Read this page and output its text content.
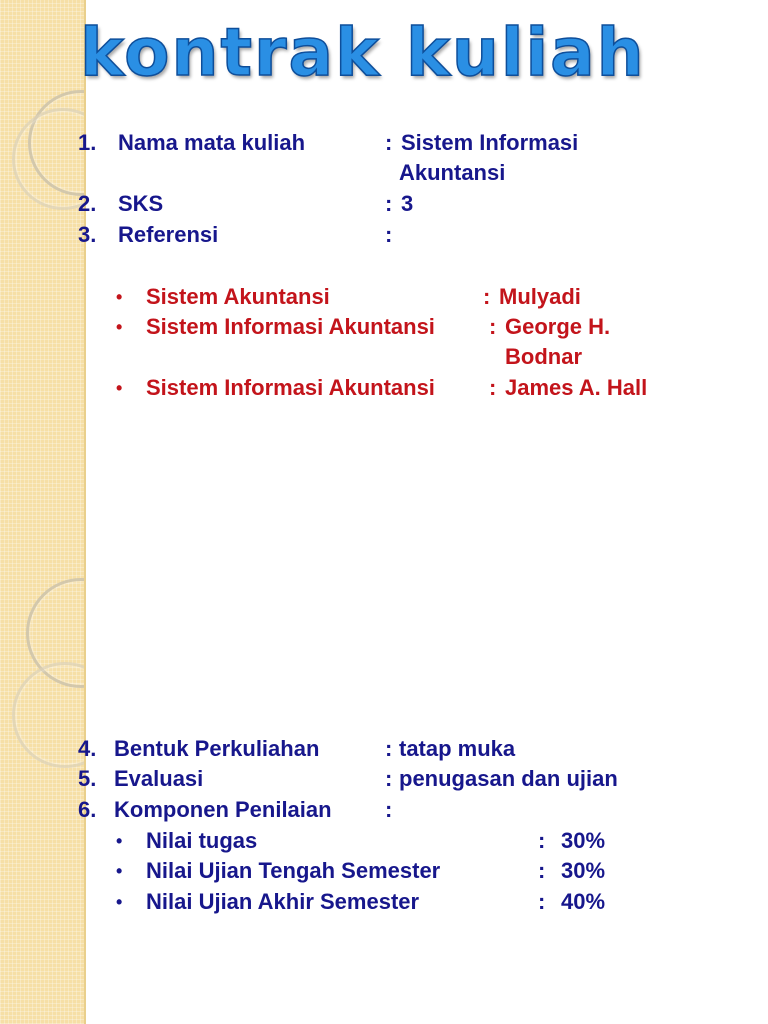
kontrak kuliah
1. Nama mata kuliah	: Sistem Informasi
Akuntansi
2. SKS	: 3
3. Referensi	:
• Sistem Akuntansi	: Mulyadi
• Sistem Informasi Akuntansi : George H.
Bodnar
• Sistem Informasi Akuntansi : James A. Hall
4. Bentuk Perkuliahan	: tatap muka
5. Evaluasi	: penugasan dan ujian
6. Komponen Penilaian :
• Nilai tugas	: 30%
• Nilai Ujian Tengah Semester	: 30%
• Nilai Ujian Akhir Semester	: 40%
